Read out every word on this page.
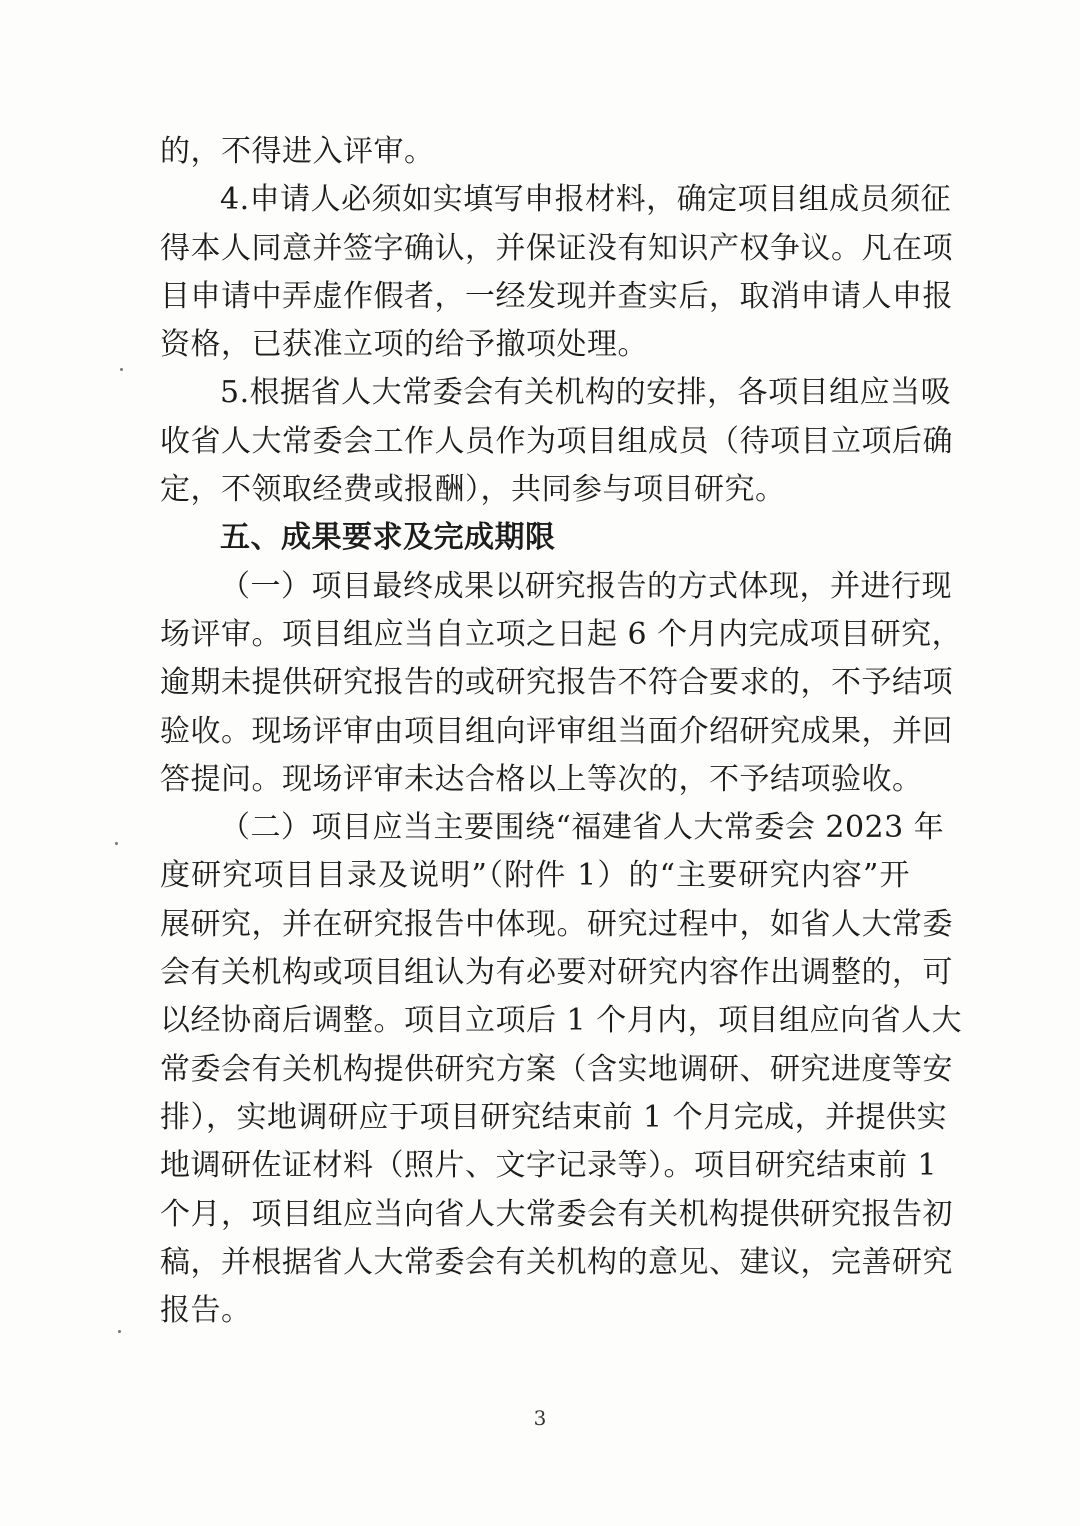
的，不得进入评审。
4.申请人必须如实填写申报材料，确定项目组成员须征
得本人同意并签字确认，并保证没有知识产权争议。凡在项
目申请中弄虚作假者，一经发现并查实后，取消申请人申报
资格，已获准立项的给予撤项处理。
5.根据省人大常委会有关机构的安排，各项目组应当吸
收省人大常委会工作人员作为项目组成员（待项目立项后确
定，不领取经费或报酬），共同参与项目研究。
五、成果要求及完成期限
（一）项目最终成果以研究报告的方式体现，并进行现
场评审。项目组应当自立项之日起 6 个月内完成项目研究，
逾期未提供研究报告的或研究报告不符合要求的，不予结项
验收。现场评审由项目组向评审组当面介绍研究成果，并回
答提问。现场评审未达合格以上等次的，不予结项验收。
（二）项目应当主要围绕“福建省人大常委会 2023 年
度研究项目目录及说明”（附件 1）的“主要研究内容”开
展研究，并在研究报告中体现。研究过程中，如省人大常委
会有关机构或项目组认为有必要对研究内容作出调整的，可
以经协商后调整。项目立项后 1 个月内，项目组应向省人大
常委会有关机构提供研究方案（含实地调研、研究进度等安
排），实地调研应于项目研究结束前 1 个月完成，并提供实
地调研佐证材料（照片、文字记录等）。项目研究结束前 1
个月，项目组应当向省人大常委会有关机构提供研究报告初
稿，并根据省人大常委会有关机构的意见、建议，完善研究
报告。
3
